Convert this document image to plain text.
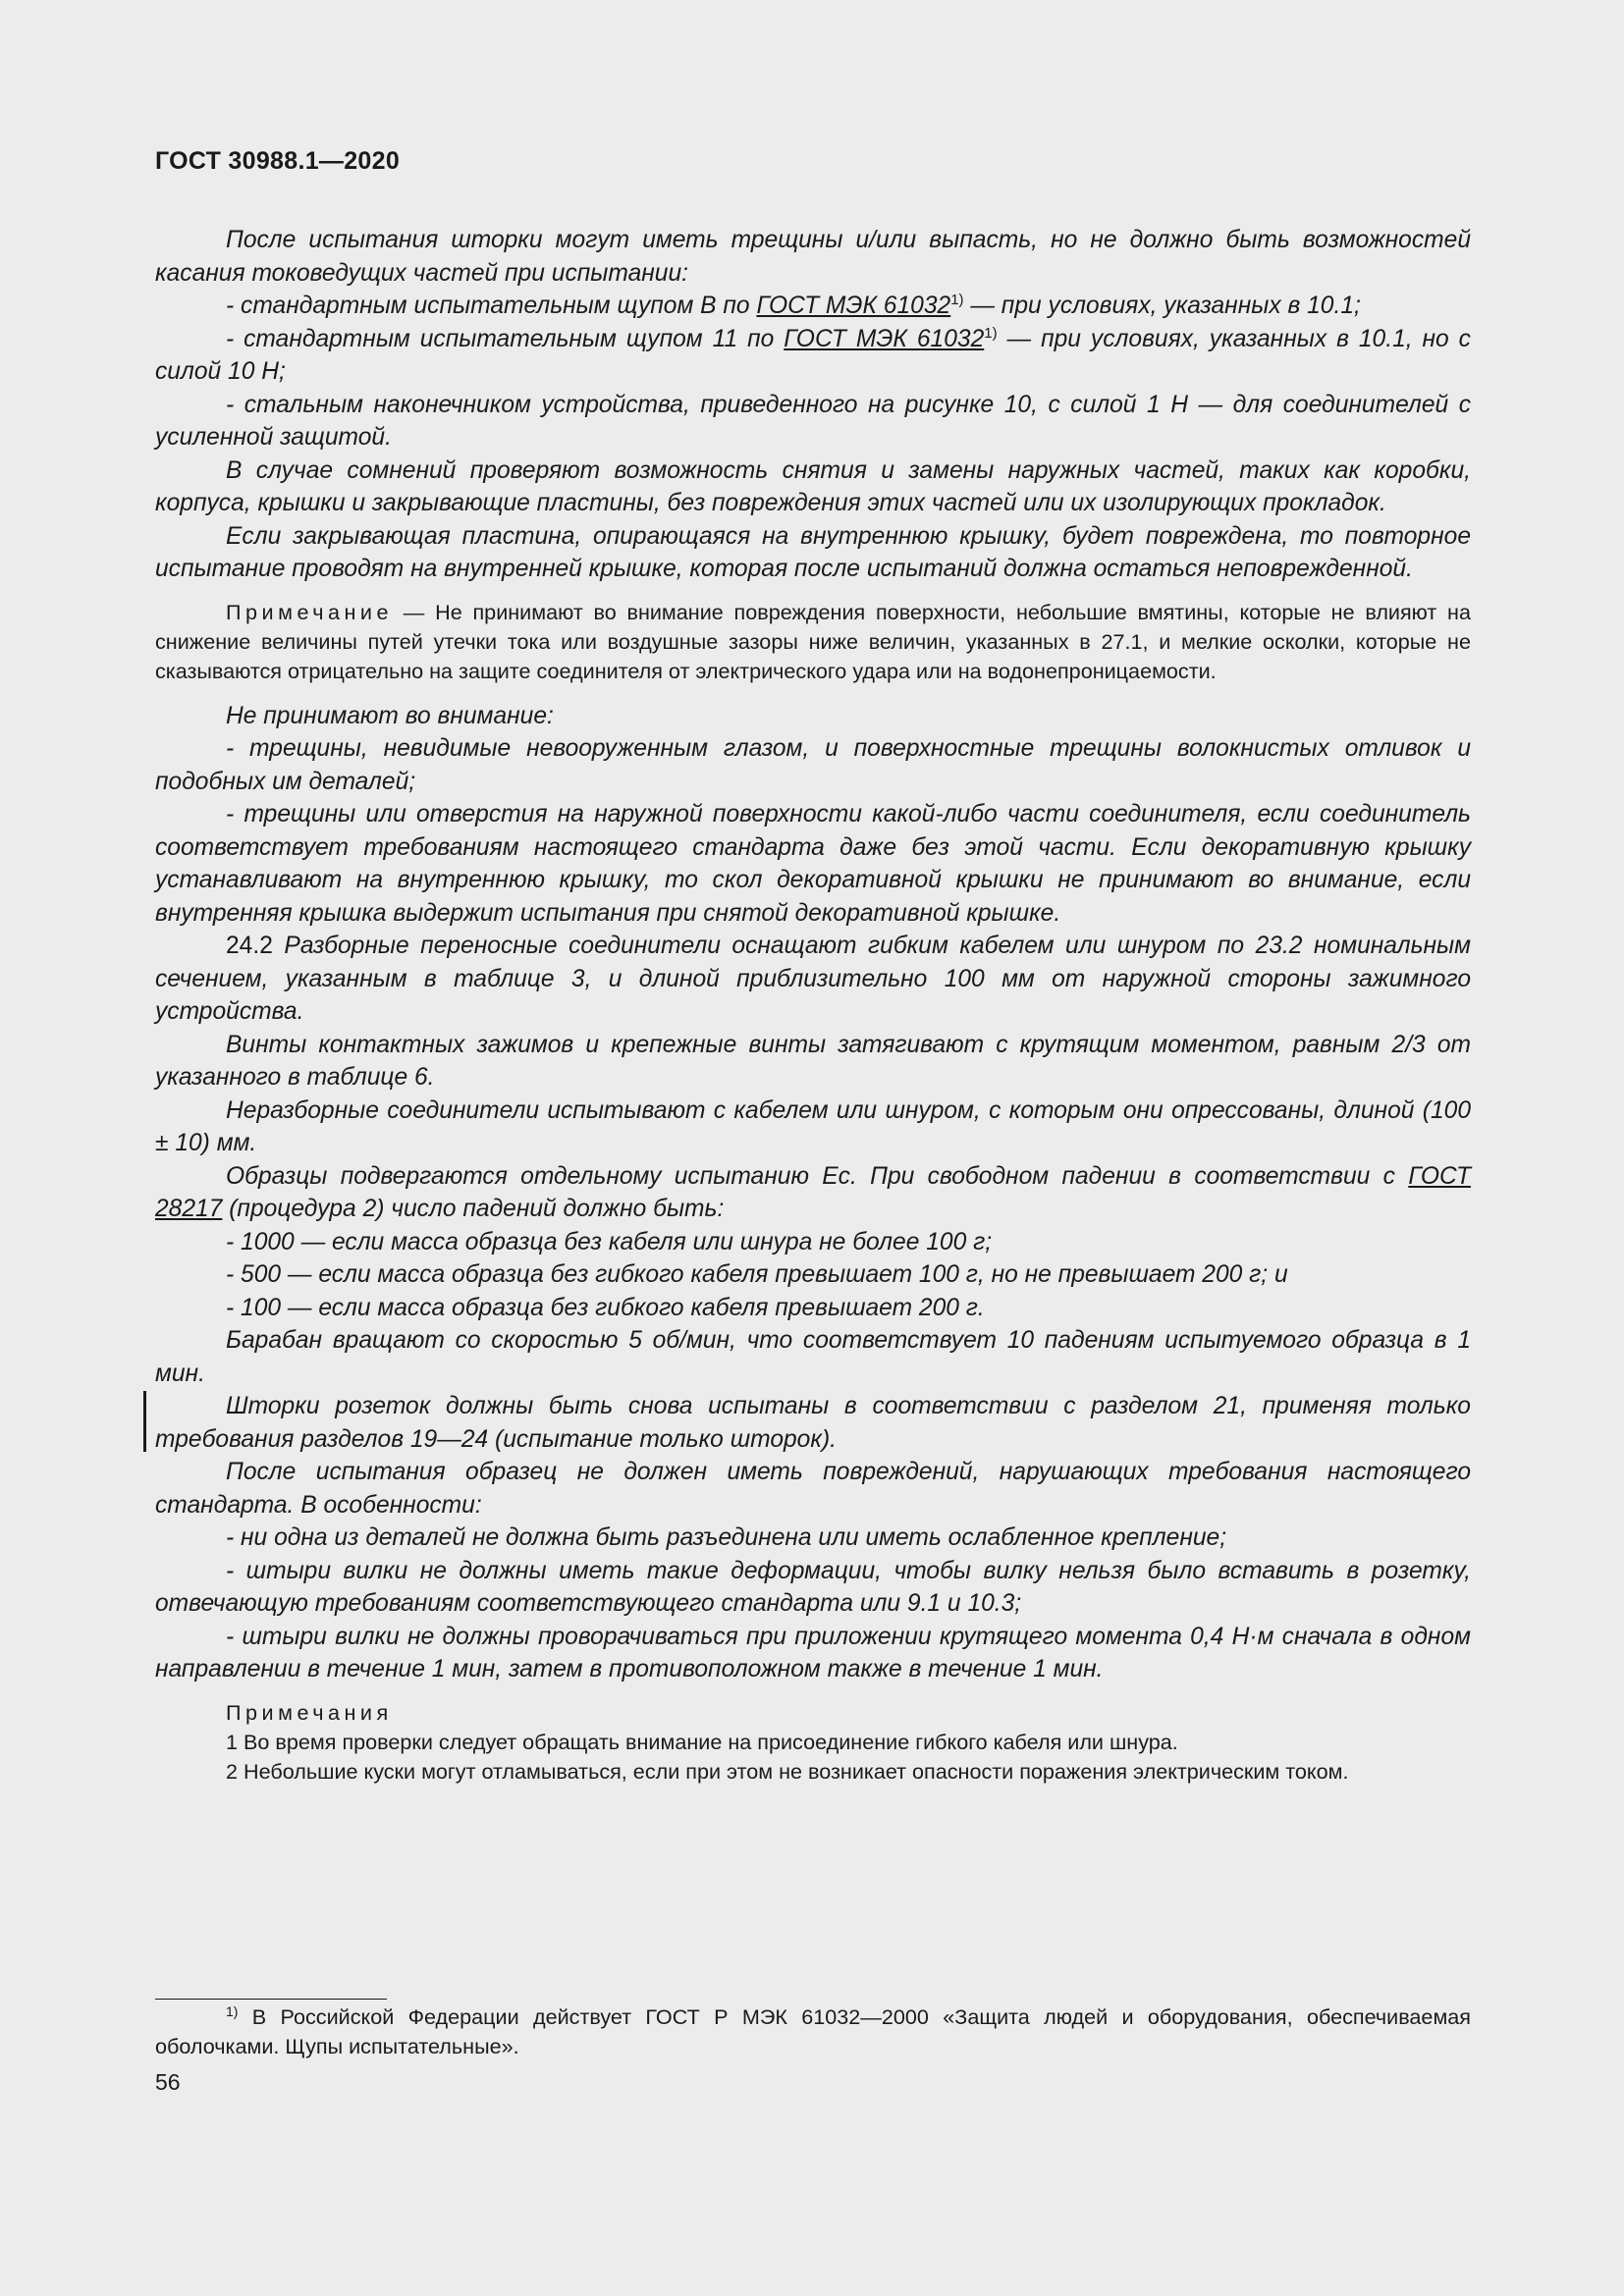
ГОСТ 30988.1—2020

После испытания шторки могут иметь трещины и/или выпасть, но не должно быть возможностей касания токоведущих частей при испытании:

- стандартным испытательным щупом B по ГОСТ МЭК 61032$^{1)}$ — при условиях, указанных в 10.1;

- стандартным испытательным щупом 11 по ГОСТ МЭК 61032$^{1)}$ — при условиях, указанных в 10.1, но с силой 10 Н;

- стальным наконечником устройства, приведенного на рисунке 10, с силой 1 Н — для соединителей с усиленной защитой.

В случае сомнений проверяют возможность снятия и замены наружных частей, таких как коробки, корпуса, крышки и закрывающие пластины, без повреждения этих частей или их изолирующих прокладок.

Если закрывающая пластина, опирающаяся на внутреннюю крышку, будет повреждена, то повторное испытание проводят на внутренней крышке, которая после испытаний должна остаться неповрежденной.

Примечание — Не принимают во внимание повреждения поверхности, небольшие вмятины, которые не влияют на снижение величины путей утечки тока или воздушные зазоры ниже величин, указанных в 27.1, и мелкие осколки, которые не сказываются отрицательно на защите соединителя от электрического удара или на водонепроницаемости.

Не принимают во внимание:

- трещины, невидимые невооруженным глазом, и поверхностные трещины волокнистых отливок и подобных им деталей;

- трещины или отверстия на наружной поверхности какой-либо части соединителя, если соединитель соответствует требованиям настоящего стандарта даже без этой части. Если декоративную крышку устанавливают на внутреннюю крышку, то скол декоративной крышки не принимают во внимание, если внутренняя крышка выдержит испытания при снятой декоративной крышке.

24.2 Разборные переносные соединители оснащают гибким кабелем или шнуром по 23.2 номинальным сечением, указанным в таблице 3, и длиной приблизительно 100 мм от наружной стороны зажимного устройства.

Винты контактных зажимов и крепежные винты затягивают с крутящим моментом, равным 2/3 от указанного в таблице 6.

Неразборные соединители испытывают с кабелем или шнуром, с которым они опрессованы, длиной (100 ± 10) мм.

Образцы подвергаются отдельному испытанию Ec. При свободном падении в соответствии с ГОСТ 28217 (процедура 2) число падений должно быть:

- 1000 — если масса образца без кабеля или шнура не более 100 г;

- 500 — если масса образца без гибкого кабеля превышает 100 г, но не превышает 200 г; и

- 100 — если масса образца без гибкого кабеля превышает 200 г.

Барабан вращают со скоростью 5 об/мин, что соответствует 10 падениям испытуемого образца в 1 мин.

Шторки розеток должны быть снова испытаны в соответствии с разделом 21, применяя только требования разделов 19—24 (испытание только шторок).

После испытания образец не должен иметь повреждений, нарушающих требования настоящего стандарта. В особенности:

- ни одна из деталей не должна быть разъединена или иметь ослабленное крепление;

- штыри вилки не должны иметь такие деформации, чтобы вилку нельзя было вставить в розетку, отвечающую требованиям соответствующего стандарта или 9.1 и 10.3;

- штыри вилки не должны проворачиваться при приложении крутящего момента 0,4 Н·м сначала в одном направлении в течение 1 мин, затем в противоположном также в течение 1 мин.

Примечания

1 Во время проверки следует обращать внимание на присоединение гибкого кабеля или шнура.

2 Небольшие куски могут отламываться, если при этом не возникает опасности поражения электрическим током.

$^{1)}$ В Российской Федерации действует ГОСТ Р МЭК 61032—2000 «Защита людей и оборудования, обеспечиваемая оболочками. Щупы испытательные».

56
